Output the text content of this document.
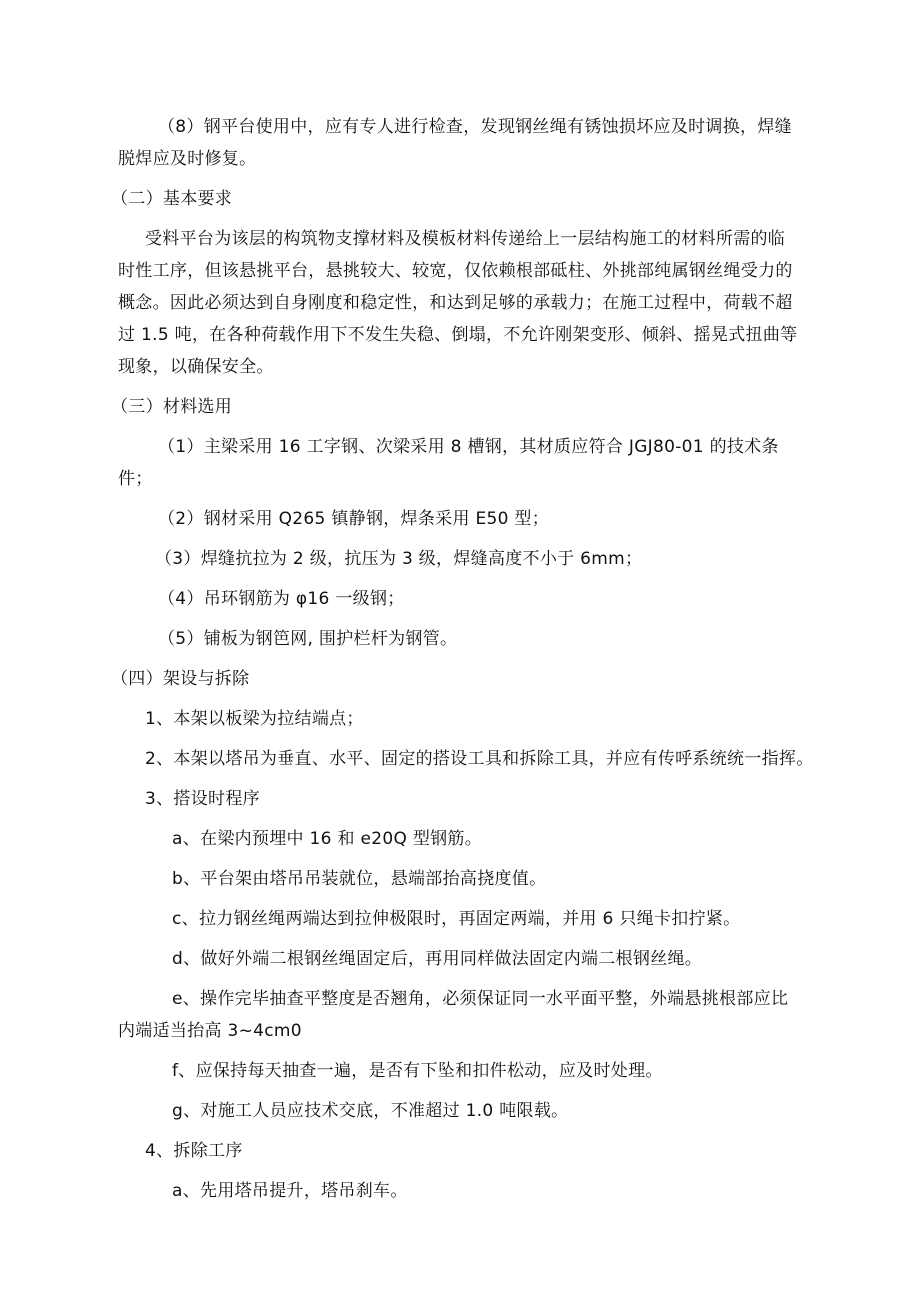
（8）钢平台使用中，应有专人进行检查，发现钢丝绳有锈蚀损坏应及时调换，焊缝
脱焊应及时修复。
（二）基本要求
受料平台为该层的构筑物支撑材料及模板材料传递给上一层结构施工的材料所需的临
时性工序，但该悬挑平台，悬挑较大、较宽，仅依赖根部砥柱、外挑部纯属钢丝绳受力的
概念。因此必须达到自身刚度和稳定性，和达到足够的承载力；在施工过程中，荷载不超
过 1.5 吨，在各种荷载作用下不发生失稳、倒塌，不允许刚架变形、倾斜、摇晃式扭曲等
现象，以确保安全。
（三）材料选用
（1）主梁采用 16 工字钢、次梁采用 8 槽钢，其材质应符合 JGJ80-01 的技术条
件；
（2）钢材采用 Q265 镇静钢，焊条采用 E50 型；
（3）焊缝抗拉为 2 级，抗压为 3 级，焊缝高度不小于 6mm；
（4）吊环钢筋为 φ16 一级钢；
（5）铺板为钢笆网, 围护栏杆为钢管。
（四）架设与拆除
1、本架以板梁为拉结端点；
2、本架以塔吊为垂直、水平、固定的搭设工具和拆除工具，并应有传呼系统统一指挥。
3、搭设时程序
a、在梁内预埋中 16 和 e20Q 型钢筋。
b、平台架由塔吊吊装就位，悬端部抬高挠度值。
c、拉力钢丝绳两端达到拉伸极限时，再固定两端，并用 6 只绳卡扣拧紧。
d、做好外端二根钢丝绳固定后，再用同样做法固定内端二根钢丝绳。
e、操作完毕抽查平整度是否翘角，必须保证同一水平面平整，外端悬挑根部应比
内端适当抬高 3~4cm0
f、应保持每天抽查一遍，是否有下坠和扣件松动，应及时处理。
g、对施工人员应技术交底，不准超过 1.0 吨限载。
4、拆除工序
a、先用塔吊提升，塔吊刹车。
